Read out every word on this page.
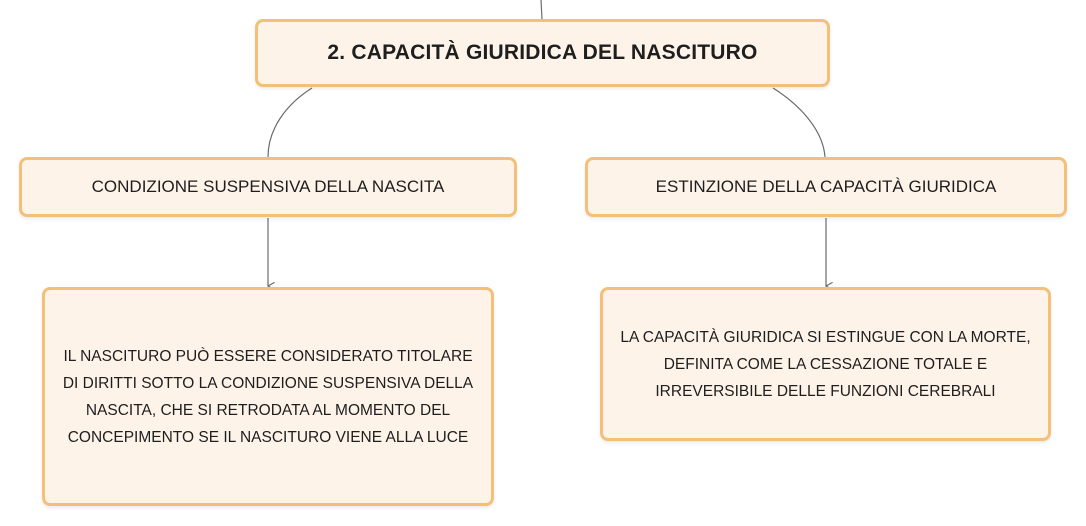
2. CAPACITÀ GIURIDICA DEL NASCITURO
CONDIZIONE SUSPENSIVA DELLA NASCITA	ESTINZIONE DELLA CAPACITÀ GIURIDICA
IL NASCITURO PUÒ ESSERE CONSIDERATO TITOLARE DI DIRITTI SOTTO LA CONDIZIONE SUSPENSIVA DELLA NASCITA, CHE SI RETRODATA AL MOMENTO DEL CONCEPIMENTO SE IL NASCITURO VIENE ALLA LUCE
LA CAPACITÀ GIURIDICA SI ESTINGUE CON LA MORTE, DEFINITA COME LA CESSAZIONE TOTALE E IRREVERSIBILE DELLE FUNZIONI CEREBRALI
